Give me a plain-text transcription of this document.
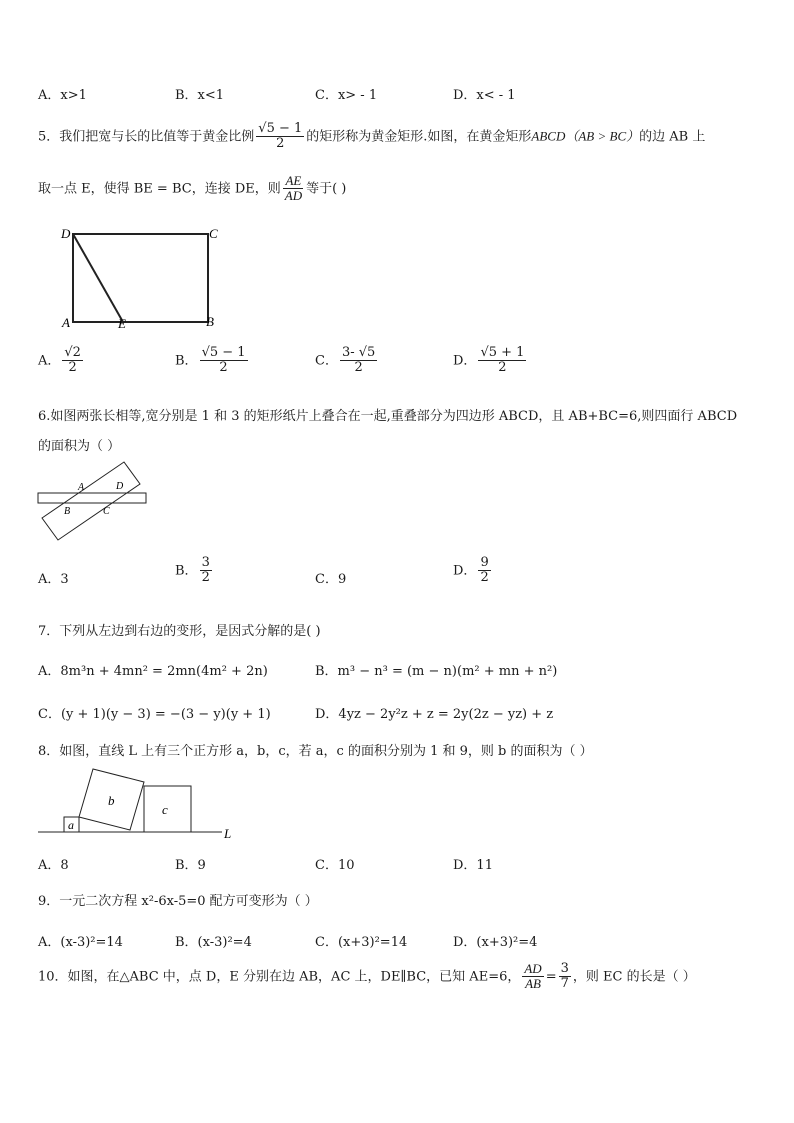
A．x>1	B．x<1	C．x> - 1	D．x< - 1
5．我们把宽与长的比值等于黄金比例 $\frac{√5 - 1}{2}$ 的矩形称为黄金矩形.如图，在黄金矩形ABCD（AB > BC）的边 AB 上
取一点 E，使得 BE = BC，连接 DE，则 $\frac{AE}{AD}$ 等于( )
D	C
A	E	B
A． $\frac{√2}{2}$	B． $\frac{√5 - 1}{2}$	C． $\frac{3- √5}{2}$	D． $\frac{√5 + 1}{2}$
6.如图两张长相等,宽分别是 1 和 3 的矩形纸片上叠合在一起,重叠部分为四边形 ABCD，且 AB+BC=6,则四面行 ABCD
的面积为（ ）
A	D
B	C
A．3
B． $\frac{3}{2}$	C．9
D． $\frac{9}{2}$
7．下列从左边到右边的变形，是因式分解的是( )
A．8m³n + 4mn² = 2mn(4m² + 2n)	B．m³ − n³ = (m − n)(m² + mn + n²)
C．(y + 1)(y − 3) = −(3 − y)(y + 1)	D．4yz − 2y²z + z = 2y(2z − yz) + z
8．如图，直线 L 上有三个正方形 a，b，c，若 a，c 的面积分别为 1 和 9，则 b 的面积为（ ）
a
b
c
L
A．8	B．9	C．10	D．11
9．一元二次方程 x²-6x-5=0 配方可变形为（ ）
A．(x-3)²=14	B．(x-3)²=4	C．(x+3)²=14	D．(x+3)²=4
10．如图，在△ABC 中，点 D，E 分别在边 AB，AC 上，DE∥BC，已知 AE=6， $\frac{AD}{AB} = \frac{3}{7}$ ，则 EC 的长是（ ）
